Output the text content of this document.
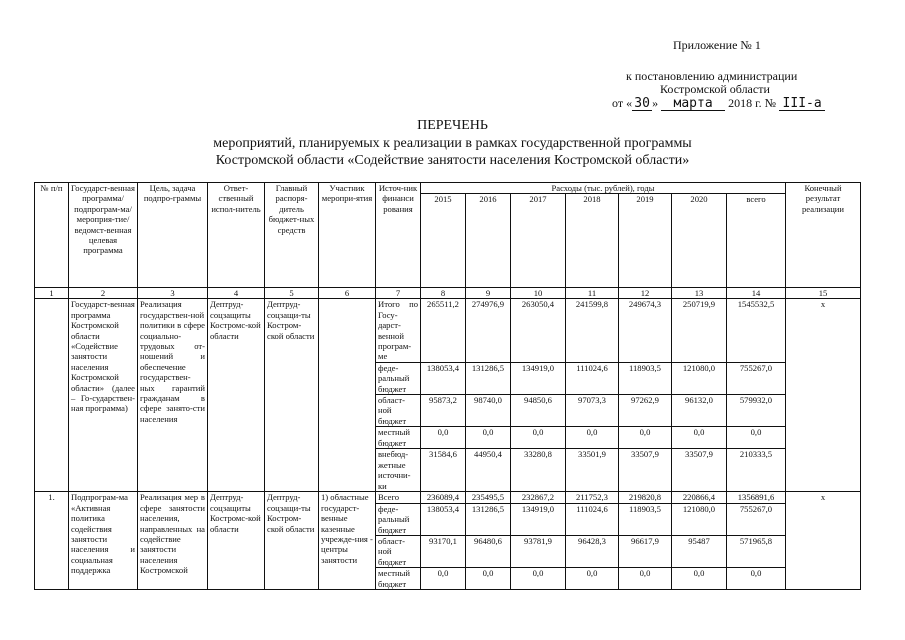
Приложение № 1
к постановлению администрации
Костромской области
от « 30 » марта 2018 г. № III-а
ПЕРЕЧЕНЬ
мероприятий, планируемых к реализации в рамках государственной программы
Костромской области «Содействие занятости населения Костромской области»
№ п/п	Государст-венная программа/ подпрограм-ма/мероприя-тие/ведомст-венная целевая программа	Цель, задача подпро-граммы	Ответ-ственный испол-нитель	Главный распоря-дитель бюджет-ных средств	Участник меропри-ятия	Источ-ник финанси рования	Расходы (тыс. рублей), годы							Конечный результат реализации
							2015	2016	2017	2018	2019	2020	всего	
1	2	3	4	5	6	7	8	9	10	11	12	13	14	15
	Государст-венная программа Костромской области «Содействие занятости населения Костромской области» (далее – Го-сударствен-ная программа)	Реализация государствен-ной политики в сфере социально-трудовых от-ношений и обеспечение государствен-ных гарантий гражданам в сфере занято-сти населения	Дептруд-соцзащиты Костромс-кой области	Дептруд-соцзащи-ты Костром-ской области		Итого по Госу-дарст-венной програм-ме	265511,2	274976,9	263050,4	241599,8	249674,3	250719,9	1545532,5	x
						феде-ральный бюджет	138053,4	131286,5	134919,0	111024,6	118903,5	121080,0	755267,0	
						област-ной бюджет	95873,2	98740,0	94850,6	97073,3	97262,9	96132,0	579932,0	
						местный бюджет	0,0	0,0	0,0	0,0	0,0	0,0	0,0	
						внебюд-жетные источни-ки	31584,6	44950,4	33280,8	33501,9	33507,9	33507,9	210333,5	
1.	Подпрограм-ма «Активная политика содействия занятости населения и социальная поддержка	Реализация мер в сфере занятости населения, направленных на содействие занятости населения Костромской	Дептруд-соцзащиты Костромс-кой области	Дептруд-соцзащи-ты Костром-ской области	1) областные государст-венные казенные учрежде-ния - центры занятости	Всего	236089,4	235495,5	232867,2	211752,3	219820,8	220866,4	1356891,6	x
						феде-ральный бюджет	138053,4	131286,5	134919,0	111024,6	118903,5	121080,0	755267,0	
						област-ной бюджет	93170,1	96480,6	93781,9	96428,3	96617,9	95487	571965,8	
						местный бюджет	0,0	0,0	0,0	0,0	0,0	0,0	0,0	
